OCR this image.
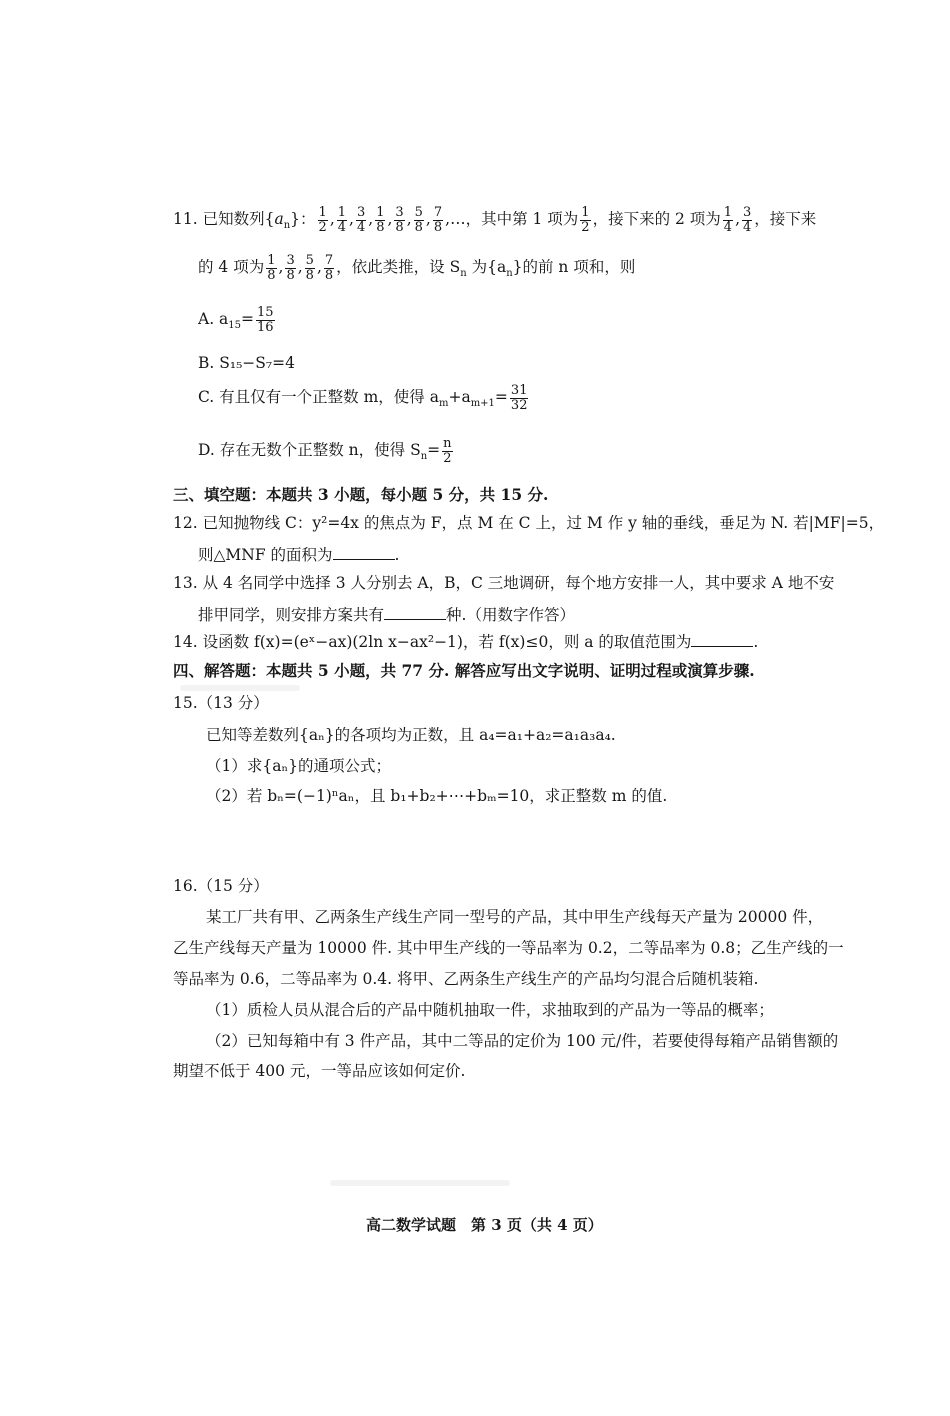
11. 已知数列$\{a_n\}$： $\frac{1}{2}$ , $\frac{1}{4}$ , $\frac{3}{4}$ , $\frac{1}{8}$ , $\frac{3}{8}$ , $\frac{5}{8}$ , $\frac{7}{8}$ ,…，其中第 1 项为 $\frac{1}{2}$ ，接下来的 2 项为 $\frac{1}{4}$ , $\frac{3}{4}$ ，接下来
的 4 项为 $\frac{1}{8}$ , $\frac{3}{8}$ , $\frac{5}{8}$ , $\frac{7}{8}$ ，依此类推，设 $S_n$ 为$\{a_n\}$的前 n 项和，则
A. $a_{15}= \frac{15}{16}$
B. S₁₅−S₇=4
C. 有且仅有一个正整数 m，使得 $a_m+a_{m+1}= \frac{31}{32}$
D. 存在无数个正整数 n，使得 $S_n= \frac{n}{2}$
三、填空题：本题共 3 小题，每小题 5 分，共 15 分.
12. 已知抛物线 C：y²=4x 的焦点为 F，点 M 在 C 上，过 M 作 y 轴的垂线，垂足为 N. 若|MF|=5，
则△MNF 的面积为	.
13. 从 4 名同学中选择 3 人分别去 A，B，C 三地调研，每个地方安排一人，其中要求 A 地不安
排甲同学，则安排方案共有	种.（用数字作答）
14. 设函数 f(x)=(eˣ−ax)(2ln x−ax²−1)，若 f(x)≤0，则 a 的取值范围为	.
四、解答题：本题共 5 小题，共 77 分. 解答应写出文字说明、证明过程或演算步骤.
15.（13 分）
已知等差数列{aₙ}的各项均为正数，且 a₄=a₁+a₂=a₁a₃a₄.
（1）求{aₙ}的通项公式；
（2）若 bₙ=(−1)ⁿaₙ，且 b₁+b₂+⋯+bₘ=10，求正整数 m 的值.
16.（15 分）
某工厂共有甲、乙两条生产线生产同一型号的产品，其中甲生产线每天产量为 20000 件，
乙生产线每天产量为 10000 件. 其中甲生产线的一等品率为 0.2，二等品率为 0.8；乙生产线的一
等品率为 0.6，二等品率为 0.4. 将甲、乙两条生产线生产的产品均匀混合后随机装箱.
（1）质检人员从混合后的产品中随机抽取一件，求抽取到的产品为一等品的概率；
（2）已知每箱中有 3 件产品，其中二等品的定价为 100 元/件，若要使得每箱产品销售额的
期望不低于 400 元，一等品应该如何定价.
高二数学试题　第 3 页（共 4 页）
